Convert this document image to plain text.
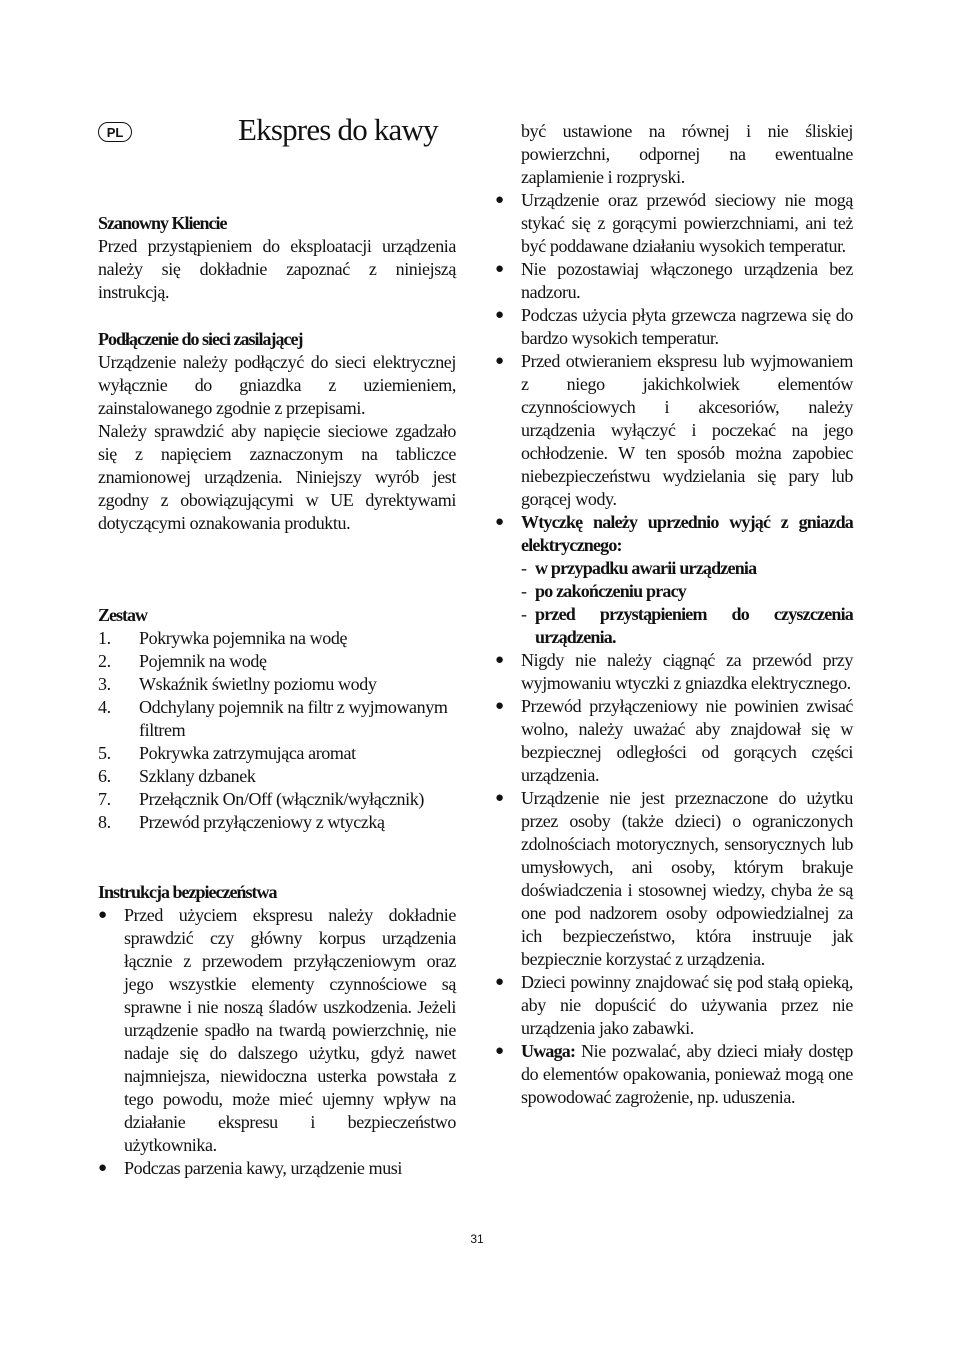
PL	Ekspres do kawy
Szanowny Kliencie
Przed przystąpieniem do eksploatacji urządzenia należy się dokładnie zapoznać z niniejszą instrukcją.
Podłączenie do sieci zasilającej
Urządzenie należy podłączyć do sieci elektrycznej wyłącznie do gniazdka z uziemieniem, zainstalowanego zgodnie z przepisami.
Należy sprawdzić aby napięcie sieciowe zgadzało się z napięciem zaznaczonym na tabliczce znamionowej urządzenia. Niniejszy wyrób jest zgodny z obowiązującymi w UE dyrektywami dotyczącymi oznakowania produktu.
Zestaw
1.	Pokrywka pojemnika na wodę
2.	Pojemnik na wodę
3.	Wskaźnik świetlny poziomu wody
4.	Odchylany pojemnik na filtr z wyjmowanym filtrem
5.	Pokrywka zatrzymująca aromat
6.	Szklany dzbanek
7.	Przełącznik On/Off (włącznik/wyłącznik)
8.	Przewód przyłączeniowy z wtyczką
Instrukcja bezpieczeństwa
● Przed użyciem ekspresu należy dokładnie sprawdzić czy główny korpus urządzenia łącznie z przewodem przyłączeniowym oraz jego wszystkie elementy czynnościowe są sprawne i nie noszą śladów uszkodzenia. Jeżeli urządzenie spadło na twardą powierzchnię, nie nadaje się do dalszego użytku, gdyż nawet najmniejsza, niewidoczna usterka powstała z tego powodu, może mieć ujemny wpływ na działanie ekspresu i bezpieczeństwo użytkownika.
● Podczas parzenia kawy, urządzenie musi
być ustawione na równej i nie śliskiej powierzchni, odpornej na ewentualne zaplamienie i rozpryski.
● Urządzenie oraz przewód sieciowy nie mogą stykać się z gorącymi powierzchniami, ani też być poddawane działaniu wysokich temperatur.
● Nie pozostawiaj włączonego urządzenia bez nadzoru.
● Podczas użycia płyta grzewcza nagrzewa się do bardzo wysokich temperatur.
● Przed otwieraniem ekspresu lub wyjmowaniem z niego jakichkolwiek elementów czynnościowych i akcesoriów, należy urządzenia wyłączyć i poczekać na jego ochłodzenie. W ten sposób można zapobiec niebezpieczeństwu wydzielania się pary lub gorącej wody.
● Wtyczkę należy uprzednio wyjąć z gniazda elektrycznego:
- w przypadku awarii urządzenia
- po zakończeniu pracy
- przed przystąpieniem do czyszczenia urządzenia.
● Nigdy nie należy ciągnąć za przewód przy wyjmowaniu wtyczki z gniazdka elektrycznego.
● Przewód przyłączeniowy nie powinien zwisać wolno, należy uważać aby znajdował się w bezpiecznej odległości od gorących części urządzenia.
● Urządzenie nie jest przeznaczone do użytku przez osoby (także dzieci) o ograniczonych zdolnościach motorycznych, sensorycznych lub umysłowych, ani osoby, którym brakuje doświadczenia i stosownej wiedzy, chyba że są one pod nadzorem osoby odpowiedzialnej za ich bezpieczeństwo, która instruuje jak bezpiecznie korzystać z urządzenia.
● Dzieci powinny znajdować się pod stałą opieką, aby nie dopuścić do używania przez nie urządzenia jako zabawki.
● Uwaga: Nie pozwalać, aby dzieci miały dostęp do elementów opakowania, ponieważ mogą one spowodować zagrożenie, np. uduszenia.
31
